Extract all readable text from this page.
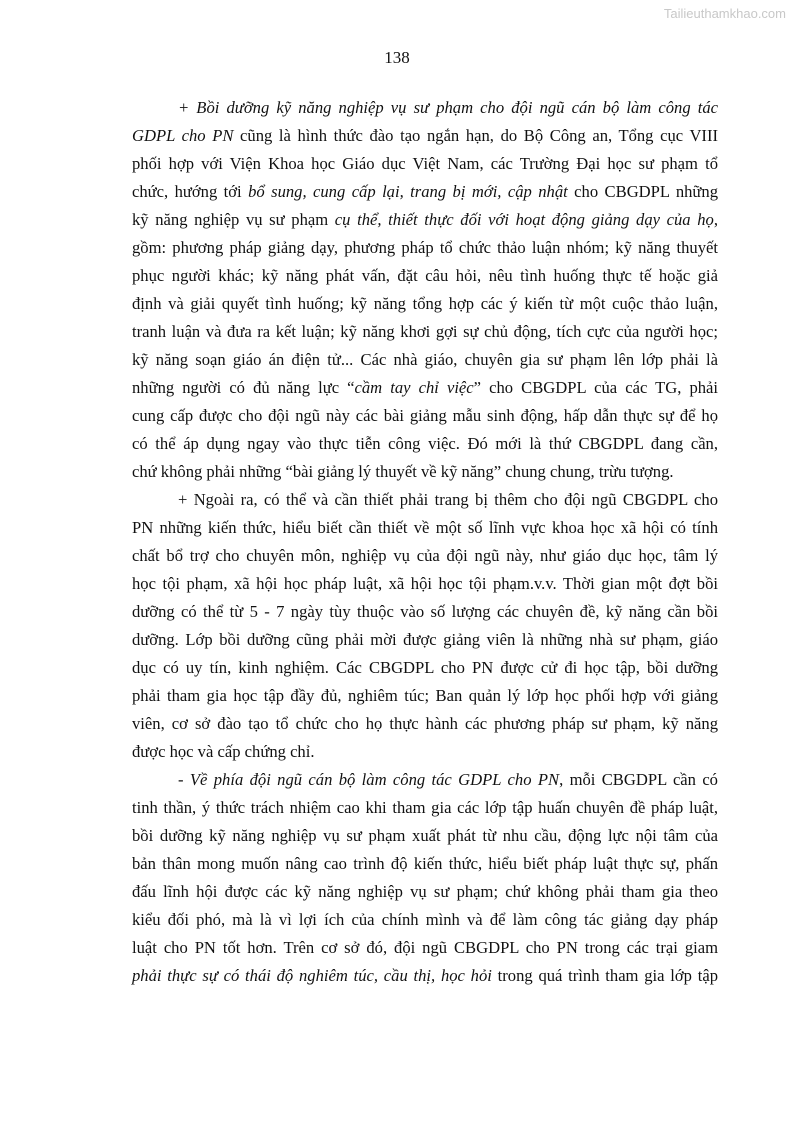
Tailieuthamkhao.com
138
+ Bồi dưỡng kỹ năng nghiệp vụ sư phạm cho đội ngũ cán bộ làm công tác
GDPL cho PN cũng là hình thức đào tạo ngắn hạn, do Bộ Công an, Tổng cục VIII
phối hợp với Viện Khoa học Giáo dục Việt Nam, các Trường Đại học sư phạm tổ
chức, hướng tới bổ sung, cung cấp lại, trang bị mới, cập nhật cho CBGDPL những
kỹ năng nghiệp vụ sư phạm cụ thể, thiết thực đối với hoạt động giảng dạy của họ,
gồm: phương pháp giảng dạy, phương pháp tổ chức thảo luận nhóm; kỹ năng thuyết
phục người khác; kỹ năng phát vấn, đặt câu hỏi, nêu tình huống thực tế hoặc giả
định và giải quyết tình huống; kỹ năng tổng hợp các ý kiến từ một cuộc thảo luận,
tranh luận và đưa ra kết luận; kỹ năng khơi gợi sự chủ động, tích cực của người học;
kỹ năng soạn giáo án điện tử... Các nhà giáo, chuyên gia sư phạm lên lớp phải là
những người có đủ năng lực “cầm tay chỉ việc” cho CBGDPL của các TG, phải
cung cấp được cho đội ngũ này các bài giảng mẫu sinh động, hấp dẫn thực sự để họ
có thể áp dụng ngay vào thực tiễn công việc. Đó mới là thứ CBGDPL đang cần,
chứ không phải những “bài giảng lý thuyết về kỹ năng” chung chung, trừu tượng.
+ Ngoài ra, có thể và cần thiết phải trang bị thêm cho đội ngũ CBGDPL cho
PN những kiến thức, hiểu biết cần thiết về một số lĩnh vực khoa học xã hội có tính
chất bổ trợ cho chuyên môn, nghiệp vụ của đội ngũ này, như giáo dục học, tâm lý
học tội phạm, xã hội học pháp luật, xã hội học tội phạm.v.v. Thời gian một đợt bồi
dưỡng có thể từ 5 - 7 ngày tùy thuộc vào số lượng các chuyên đề, kỹ năng cần bồi
dưỡng. Lớp bồi dưỡng cũng phải mời được giảng viên là những nhà sư phạm, giáo
dục có uy tín, kinh nghiệm. Các CBGDPL cho PN được cử đi học tập, bồi dưỡng
phải tham gia học tập đầy đủ, nghiêm túc; Ban quản lý lớp học phối hợp với giảng
viên, cơ sở đào tạo tổ chức cho họ thực hành các phương pháp sư phạm, kỹ năng
được học và cấp chứng chỉ.
- Về phía đội ngũ cán bộ làm công tác GDPL cho PN, mỗi CBGDPL cần có
tinh thần, ý thức trách nhiệm cao khi tham gia các lớp tập huấn chuyên đề pháp luật,
bồi dưỡng kỹ năng nghiệp vụ sư phạm xuất phát từ nhu cầu, động lực nội tâm của
bản thân mong muốn nâng cao trình độ kiến thức, hiểu biết pháp luật thực sự, phấn
đấu lĩnh hội được các kỹ năng nghiệp vụ sư phạm; chứ không phải tham gia theo
kiểu đối phó, mà là vì lợi ích của chính mình và để làm công tác giảng dạy pháp
luật cho PN tốt hơn. Trên cơ sở đó, đội ngũ CBGDPL cho PN trong các trại giam
phải thực sự có thái độ nghiêm túc, cầu thị, học hỏi trong quá trình tham gia lớp tập
